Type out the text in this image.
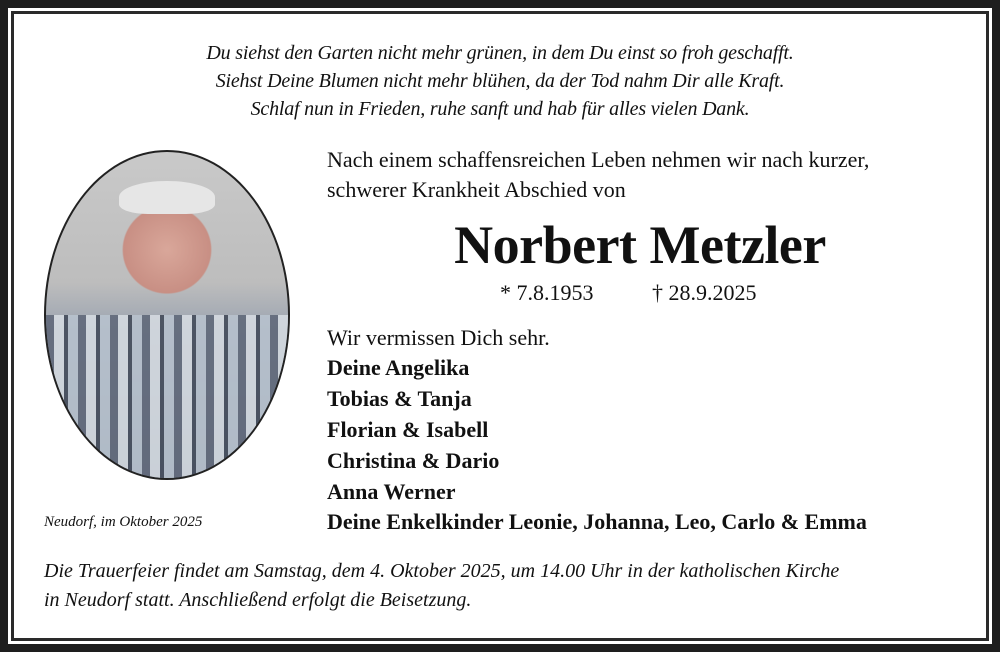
Du siehst den Garten nicht mehr grünen, in dem Du einst so froh geschafft.
Siehst Deine Blumen nicht mehr blühen, da der Tod nahm Dir alle Kraft.
Schlaf nun in Frieden, ruhe sanft und hab für alles vielen Dank.
Nach einem schaffensreichen Leben nehmen wir nach kurzer,
schwerer Krankheit Abschied von
Norbert Metzler
* 7.8.1953	† 28.9.2025
Wir vermissen Dich sehr.
Deine Angelika
Tobias & Tanja
Florian & Isabell
Christina & Dario
Anna Werner
Deine Enkelkinder Leonie, Johanna, Leo, Carlo & Emma
Neudorf, im Oktober 2025
Die Trauerfeier findet am Samstag, dem 4. Oktober 2025, um 14.00 Uhr in der katholischen Kirche
in Neudorf statt. Anschließend erfolgt die Beisetzung.
